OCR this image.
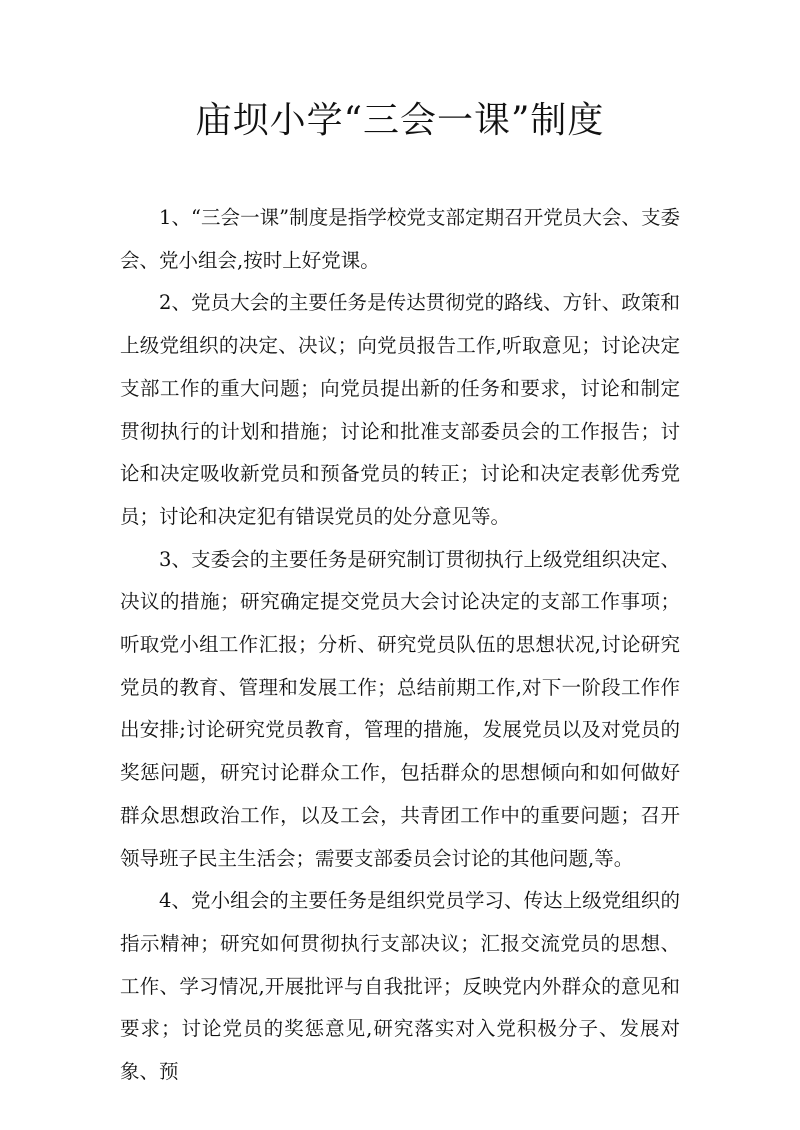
庙坝小学“三会一课”制度

1、“三会一课”制度是指学校党支部定期召开党员大会、支委会、党小组会,按时上好党课。

2、党员大会的主要任务是传达贯彻党的路线、方针、政策和上级党组织的决定、决议；向党员报告工作,听取意见；讨论决定支部工作的重大问题；向党员提出新的任务和要求，讨论和制定贯彻执行的计划和措施；讨论和批准支部委员会的工作报告；讨论和决定吸收新党员和预备党员的转正；讨论和决定表彰优秀党员；讨论和决定犯有错误党员的处分意见等。

3、支委会的主要任务是研究制订贯彻执行上级党组织决定、决议的措施；研究确定提交党员大会讨论决定的支部工作事项；听取党小组工作汇报；分析、研究党员队伍的思想状况,讨论研究党员的教育、管理和发展工作；总结前期工作,对下一阶段工作作出安排;讨论研究党员教育，管理的措施，发展党员以及对党员的奖惩问题，研究讨论群众工作，包括群众的思想倾向和如何做好群众思想政治工作，以及工会，共青团工作中的重要问题；召开领导班子民主生活会；需要支部委员会讨论的其他问题,等。

4、党小组会的主要任务是组织党员学习、传达上级党组织的指示精神；研究如何贯彻执行支部决议；汇报交流党员的思想、工作、学习情况,开展批评与自我批评；反映党内外群众的意见和要求；讨论党员的奖惩意见,研究落实对入党积极分子、发展对象、预
